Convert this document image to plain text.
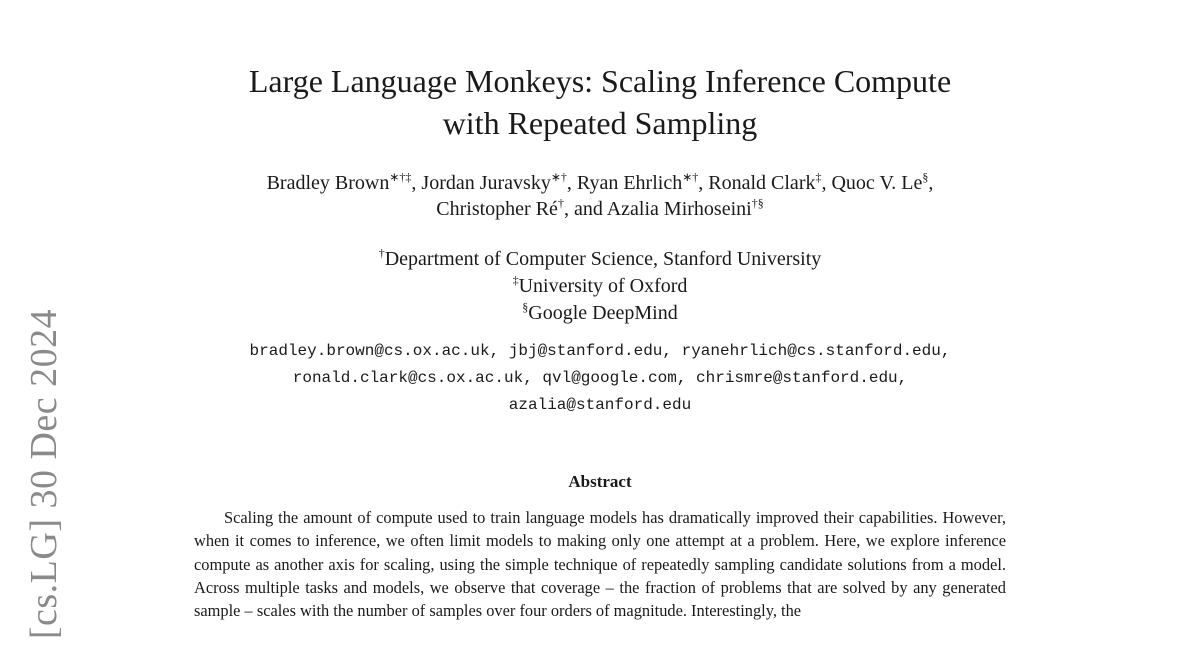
[cs.LG] 30 Dec 2024
Large Language Monkeys: Scaling Inference Compute
with Repeated Sampling
Bradley Brown∗†‡, Jordan Juravsky∗†, Ryan Ehrlich∗†, Ronald Clark‡, Quoc V. Le§,
Christopher Ré†, and Azalia Mirhoseini†§
†Department of Computer Science, Stanford University
‡University of Oxford
§Google DeepMind
bradley.brown@cs.ox.ac.uk, jbj@stanford.edu, ryanehrlich@cs.stanford.edu,
ronald.clark@cs.ox.ac.uk, qvl@google.com, chrismre@stanford.edu,
azalia@stanford.edu
Abstract
Scaling the amount of compute used to train language models has dramatically improved their capabilities. However, when it comes to inference, we often limit models to making only one attempt at a problem. Here, we explore inference compute as another axis for scaling, using the simple technique of repeatedly sampling candidate solutions from a model. Across multiple tasks and models, we observe that coverage – the fraction of problems that are solved by any generated sample – scales with the number of samples over four orders of magnitude. Interestingly, the
